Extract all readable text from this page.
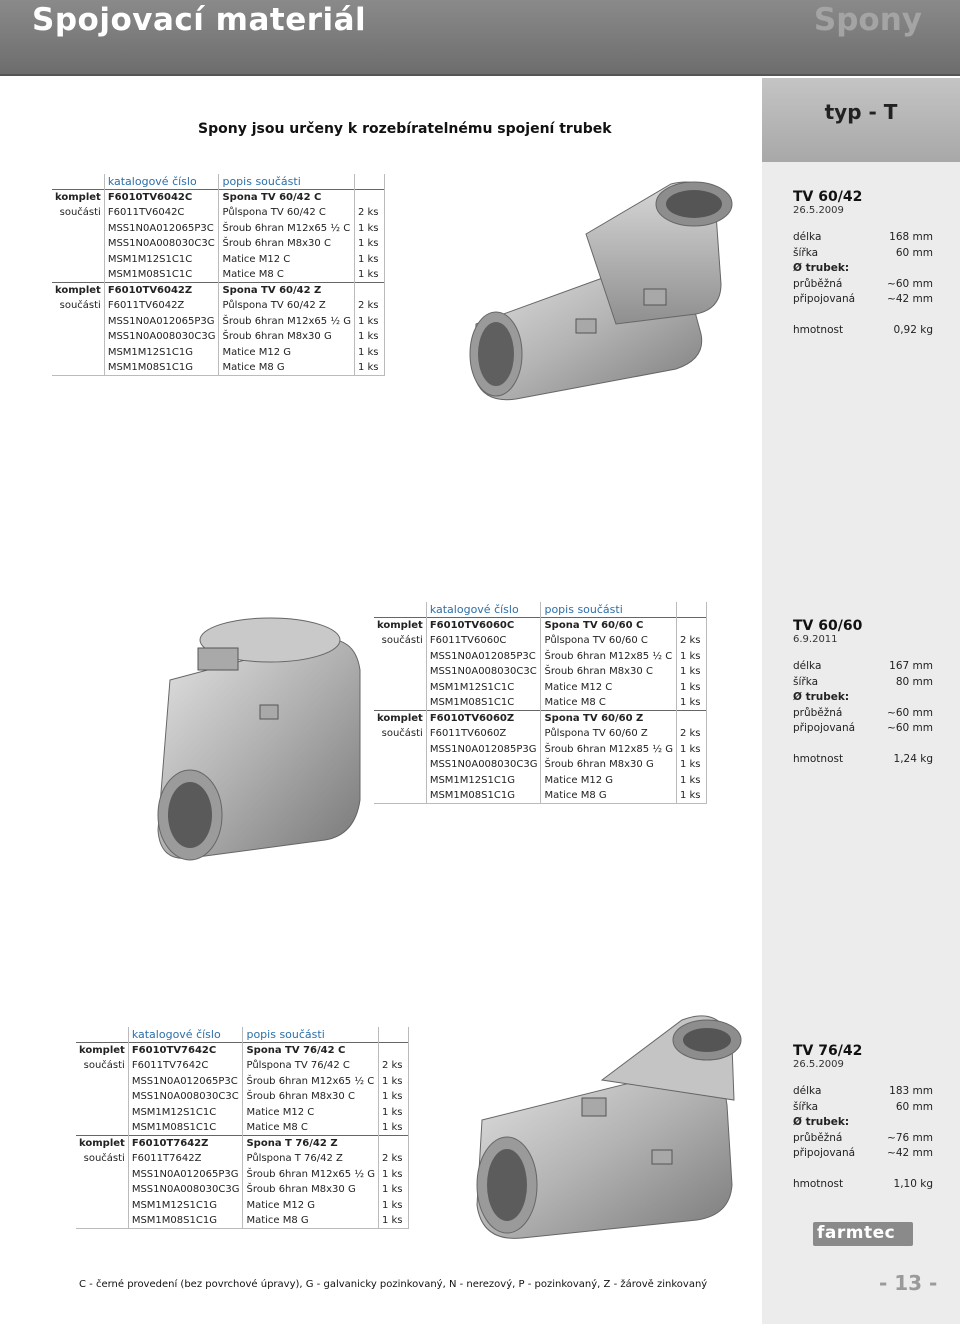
Spojovací materiál	Spony
typ - T
Spony jsou určeny k rozebíratelnému spojení trubek
	katalogové číslo	popis součásti	
komplet	F6010TV6042C	Spona TV 60/42 C	
součásti	F6011TV6042C	Půlspona TV 60/42 C	2 ks
	MSS1N0A012065P3C	Šroub 6hran M12x65 ½ C	1 ks
	MSS1N0A008030C3C	Šroub 6hran M8x30 C	1 ks
	MSM1M12S1C1C	Matice M12 C	1 ks
	MSM1M08S1C1C	Matice M8 C	1 ks
komplet	F6010TV6042Z	Spona TV 60/42 Z	
součásti	F6011TV6042Z	Půlspona TV 60/42 Z	2 ks
	MSS1N0A012065P3G	Šroub 6hran M12x65 ½ G	1 ks
	MSS1N0A008030C3G	Šroub 6hran M8x30 G	1 ks
	MSM1M12S1C1G	Matice M12 G	1 ks
	MSM1M08S1C1G	Matice M8 G	1 ks
	katalogové číslo	popis součásti	
komplet	F6010TV6060C	Spona TV 60/60 C	
součásti	F6011TV6060C	Půlspona TV 60/60 C	2 ks
	MSS1N0A012085P3C	Šroub 6hran M12x85 ½ C	1 ks
	MSS1N0A008030C3C	Šroub 6hran M8x30 C	1 ks
	MSM1M12S1C1C	Matice M12 C	1 ks
	MSM1M08S1C1C	Matice M8 C	1 ks
komplet	F6010TV6060Z	Spona TV 60/60 Z	
součásti	F6011TV6060Z	Půlspona TV 60/60 Z	2 ks
	MSS1N0A012085P3G	Šroub 6hran M12x85 ½ G	1 ks
	MSS1N0A008030C3G	Šroub 6hran M8x30 G	1 ks
	MSM1M12S1C1G	Matice M12 G	1 ks
	MSM1M08S1C1G	Matice M8 G	1 ks
	katalogové číslo	popis součásti	
komplet	F6010TV7642C	Spona TV 76/42 C	
součásti	F6011TV7642C	Půlspona TV 76/42 C	2 ks
	MSS1N0A012065P3C	Šroub 6hran M12x65 ½ C	1 ks
	MSS1N0A008030C3C	Šroub 6hran M8x30 C	1 ks
	MSM1M12S1C1C	Matice M12 C	1 ks
	MSM1M08S1C1C	Matice M8 C	1 ks
komplet	F6010T7642Z	Spona T 76/42 Z	
součásti	F6011T7642Z	Půlspona T 76/42 Z	2 ks
	MSS1N0A012065P3G	Šroub 6hran M12x65 ½ G	1 ks
	MSS1N0A008030C3G	Šroub 6hran M8x30 G	1 ks
	MSM1M12S1C1G	Matice M12 G	1 ks
	MSM1M08S1C1G	Matice M8 G	1 ks
TV 60/42
26.5.2009
délka	168 mm
šířka	60 mm
Ø trubek:
průběžná	~60 mm
připojovaná	~42 mm
hmotnost	0,92 kg
TV 60/60
6.9.2011
délka	167 mm
šířka	80 mm
Ø trubek:
průběžná	~60 mm
připojovaná	~60 mm
hmotnost	1,24 kg
TV 76/42
26.5.2009
délka	183 mm
šířka	60 mm
Ø trubek:
průběžná	~76 mm
připojovaná	~42 mm
hmotnost	1,10 kg
C - černé provedení (bez povrchové úpravy), G - galvanicky pozinkovaný, N - nerezový, P - pozinkovaný, Z - žárově zinkovaný	- 13 -
farmtec
